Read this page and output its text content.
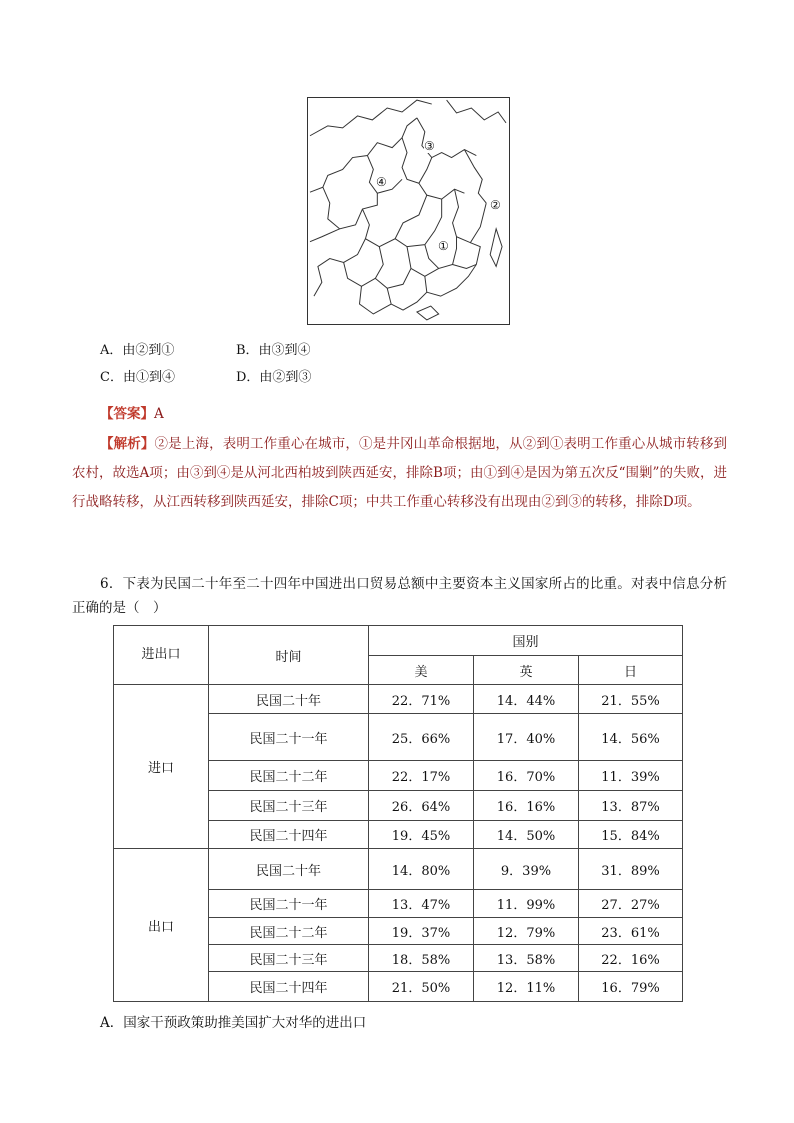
③
④
②
①
A．由②到①	B．由③到④
C．由①到④	D．由②到③
【答案】A

【解析】②是上海，表明工作重心在城市，①是井冈山革命根据地，从②到①表明工作重心从城市转移到农村，故选A项；由③到④是从河北西柏坡到陕西延安，排除B项；由①到④是因为第五次反“围剿”的失败，进行战略转移，从江西转移到陕西延安，排除C项；中共工作重心转移没有出现由②到③的转移，排除D项。

6．下表为民国二十年至二十四年中国进出口贸易总额中主要资本主义国家所占的比重。对表中信息分析正确的是（　）

进出口	时间	国别		
		美	英	日
进口	民国二十年	22．71%	14．44%	21．55%
	民国二十一年	25．66%	17．40%	14．56%
	民国二十二年	22．17%	16．70%	11．39%
	民国二十三年	26．64%	16．16%	13．87%
	民国二十四年	19．45%	14．50%	15．84%
出口	民国二十年	14．80%	9．39%	31．89%
	民国二十一年	13．47%	11．99%	27．27%
	民国二十二年	19．37%	12．79%	23．61%
	民国二十三年	18．58%	13．58%	22．16%
	民国二十四年	21．50%	12．11%	16．79%
A．国家干预政策助推美国扩大对华的进出口
